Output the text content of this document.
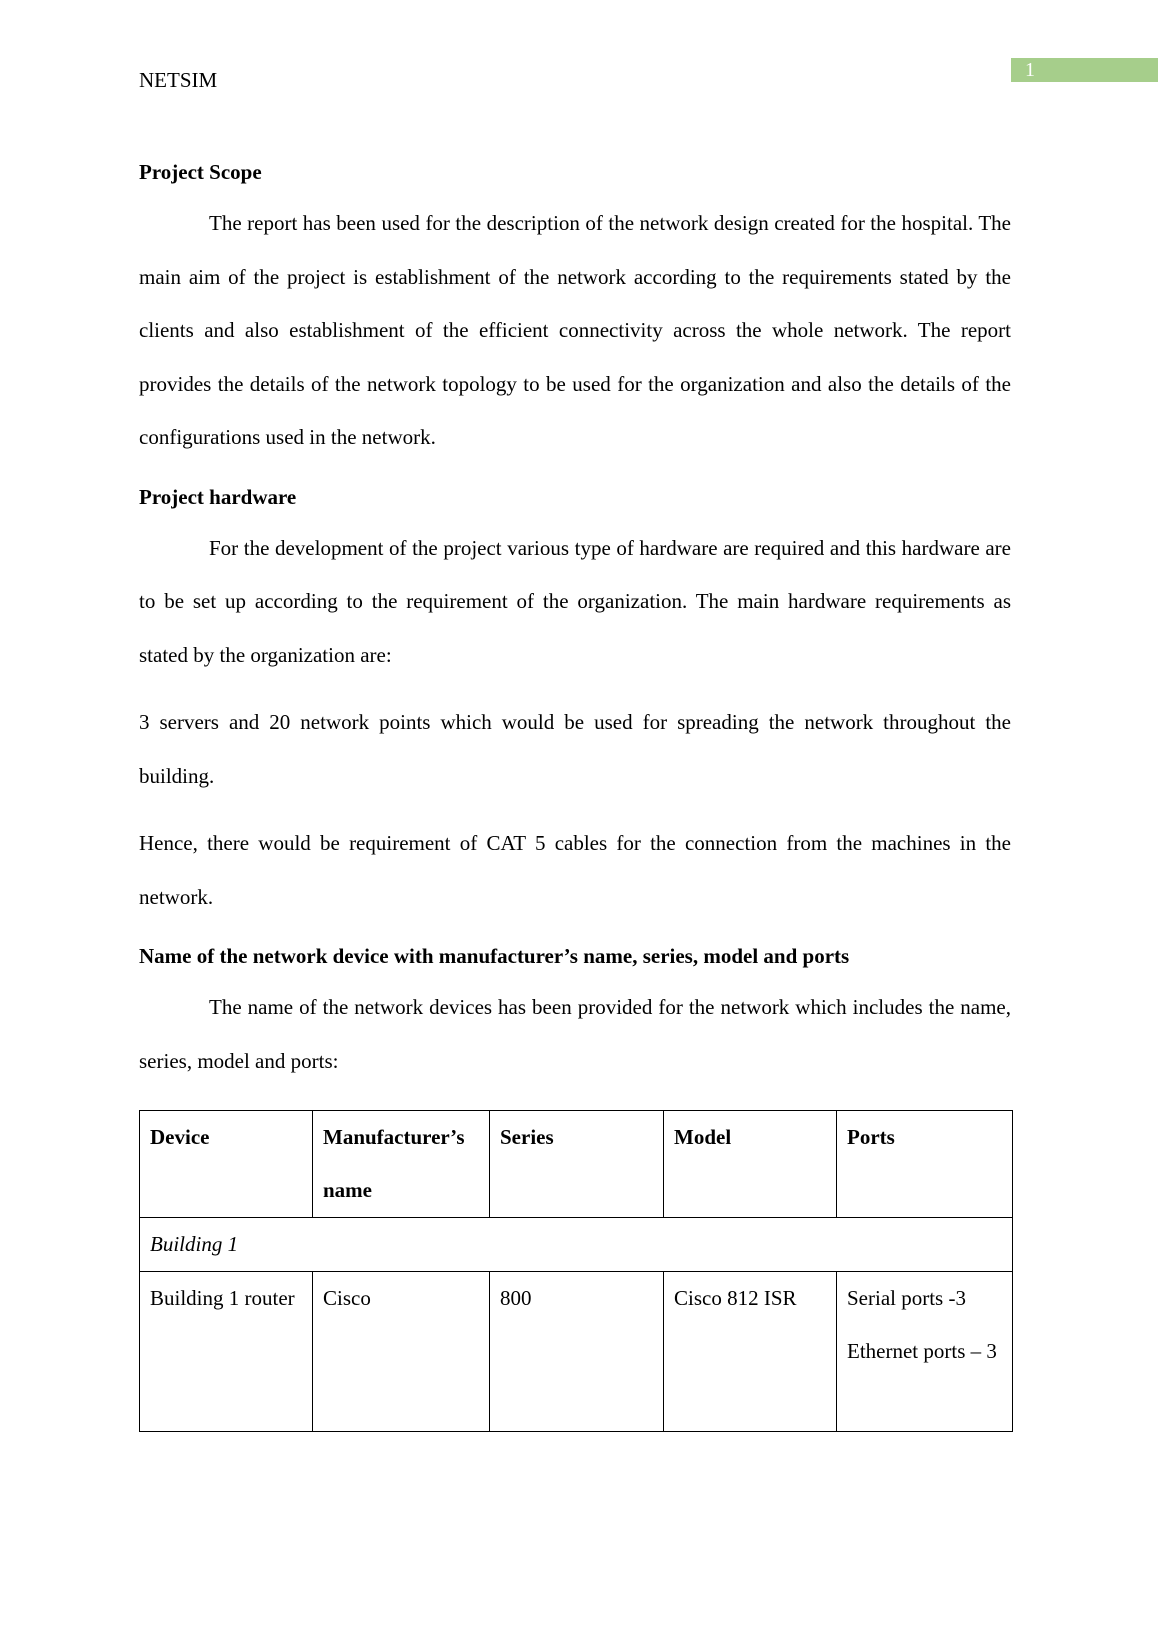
NETSIM	1

Project Scope

The report has been used for the description of the network design created for the hospital. The main aim of the project is establishment of the network according to the requirements stated by the clients and also establishment of the efficient connectivity across the whole network. The report provides the details of the network topology to be used for the organization and also the details of the configurations used in the network.

Project hardware

For the development of the project various type of hardware are required and this hardware are to be set up according to the requirement of the organization. The main hardware requirements as stated by the organization are:

3 servers and 20 network points which would be used for spreading the network throughout the building.

Hence, there would be requirement of CAT 5 cables for the connection from the machines in the network.

Name of the network device with manufacturer’s name, series, model and ports

The name of the network devices has been provided for the network which includes the name, series, model and ports:

Device	Manufacturer’s name	Series	Model	Ports
Building 1				
Building 1 router	Cisco	800	Cisco 812 ISR	Serial ports -3
Ethernet ports – 3
